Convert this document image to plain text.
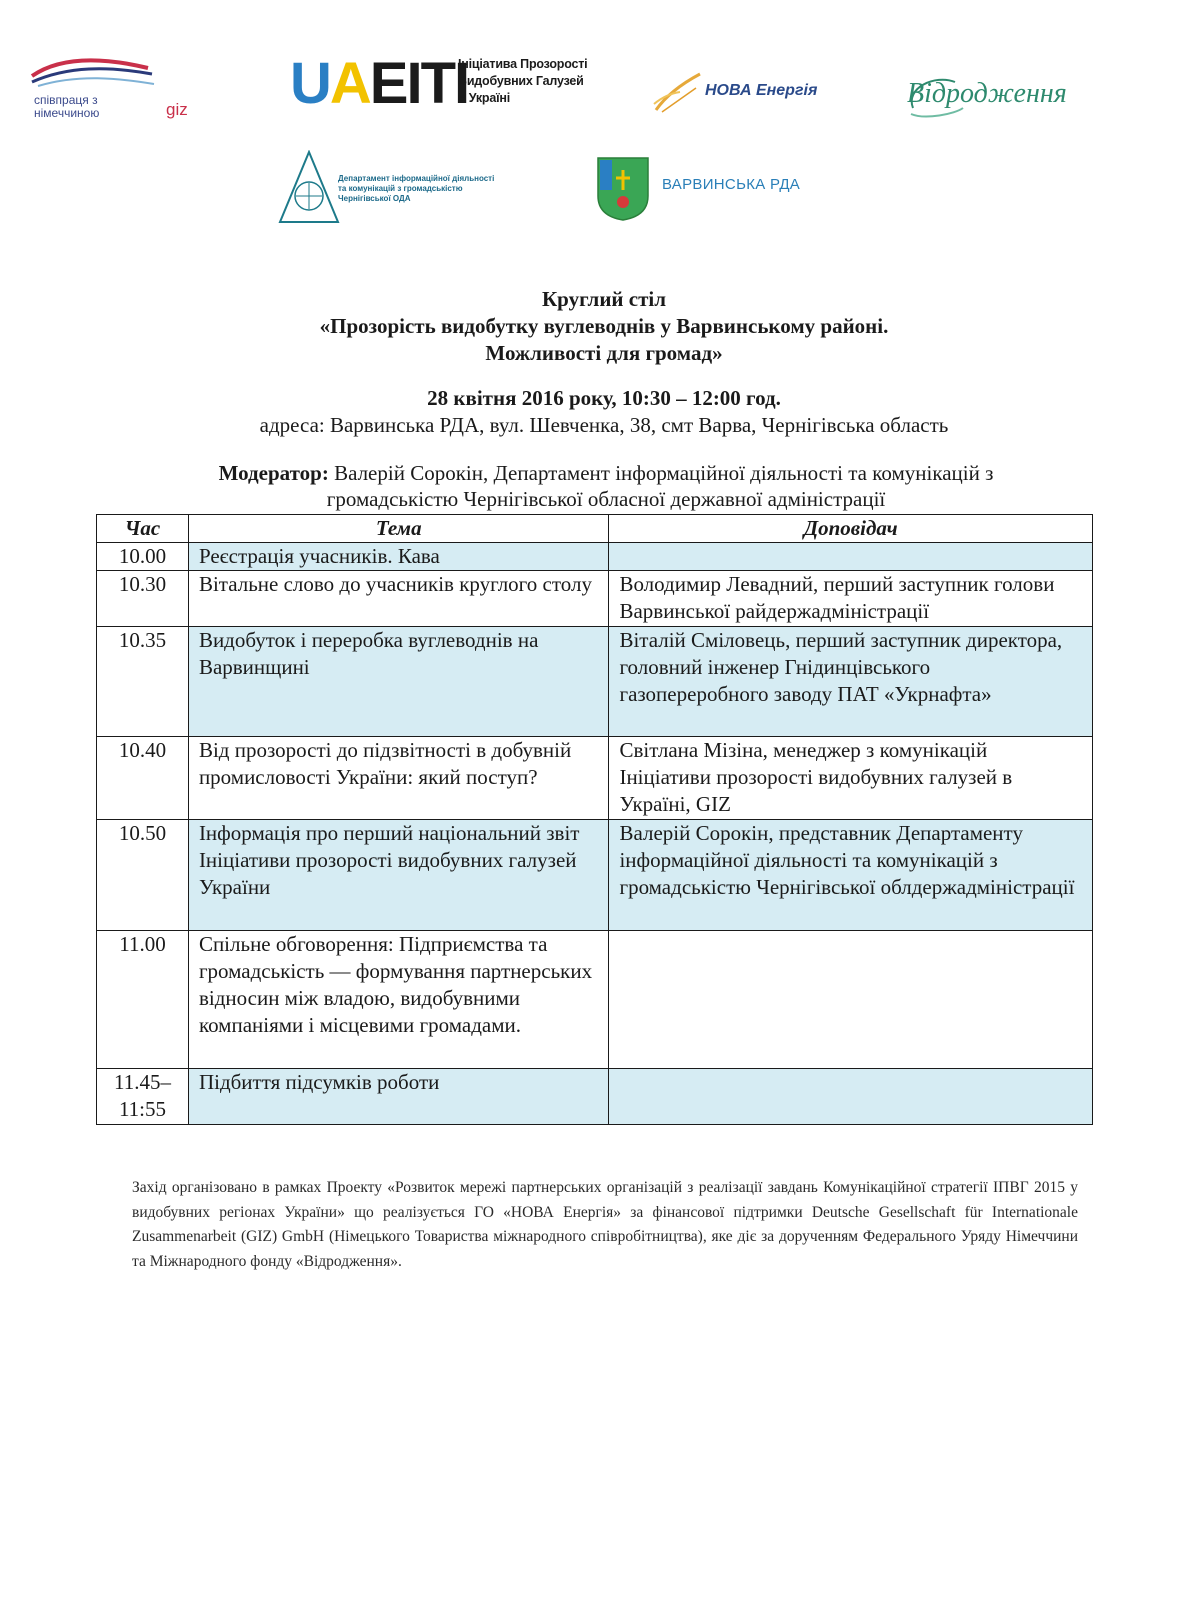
співпраця з
німеччиною	giz UAEITI
Ініціатива Прозорості
Видобувних Галузей
в Україні	НОВА Енергія	Відродження
Департамент інформаційної діяльності
та комунікацій з громадськістю
Чернігівської ОДА
ВАРВИНСЬКА РДА
Круглий стіл
«Прозорість видобутку вуглеводнів у Варвинському районі.
Можливості для громад»
28 квітня 2016 року, 10:30 – 12:00 год.
адреса: Варвинська РДА, вул. Шевченка, 38, смт Варва, Чернігівська область
Модератор: Валерій Сорокін, Департамент інформаційної діяльності та комунікацій з
громадськістю Чернігівської обласної державної адміністрації
Час	Тема	Доповідач
10.00	Реєстрація учасників. Кава	
10.30	Вітальне слово до учасників круглого столу	Володимир Левадний, перший заступник голови Варвинської райдержадміністрації
10.35	Видобуток і переробка вуглеводнів на Варвинщині	Віталій Сміловець, перший заступник директора, головний інженер Гнідинцівського газопереробного заводу ПАТ «Укрнафта»
10.40	Від прозорості до підзвітності в добувній промисловості України: який поступ?	Світлана Мізіна, менеджер з комунікацій Ініціативи прозорості видобувних галузей в Україні, GIZ
10.50	Інформація про перший національний звіт Ініціативи прозорості видобувних галузей України	Валерій Сорокін, представник Департаменту інформаційної діяльності та комунікацій з громадськістю Чернігівської облдержадміністрації
11.00	Спільне обговорення: Підприємства та громадськість — формування партнерських відносин між владою, видобувними компаніями і місцевими громадами.	
11.45–11:55	Підбиття підсумків роботи	
Захід організовано в рамках Проекту «Розвиток мережі партнерських організацій з реалізації завдань Комунікаційної стратегії ІПВГ 2015 у видобувних регіонах України» що реалізується ГО «НОВА Енергія» за фінансової підтримки Deutsche Gesellschaft für Internationale Zusammenarbeit (GIZ) GmbH (Німецького Товариства міжнародного співробітництва), яке діє за дорученням Федерального Уряду Німеччини та Міжнародного фонду «Відродження».
